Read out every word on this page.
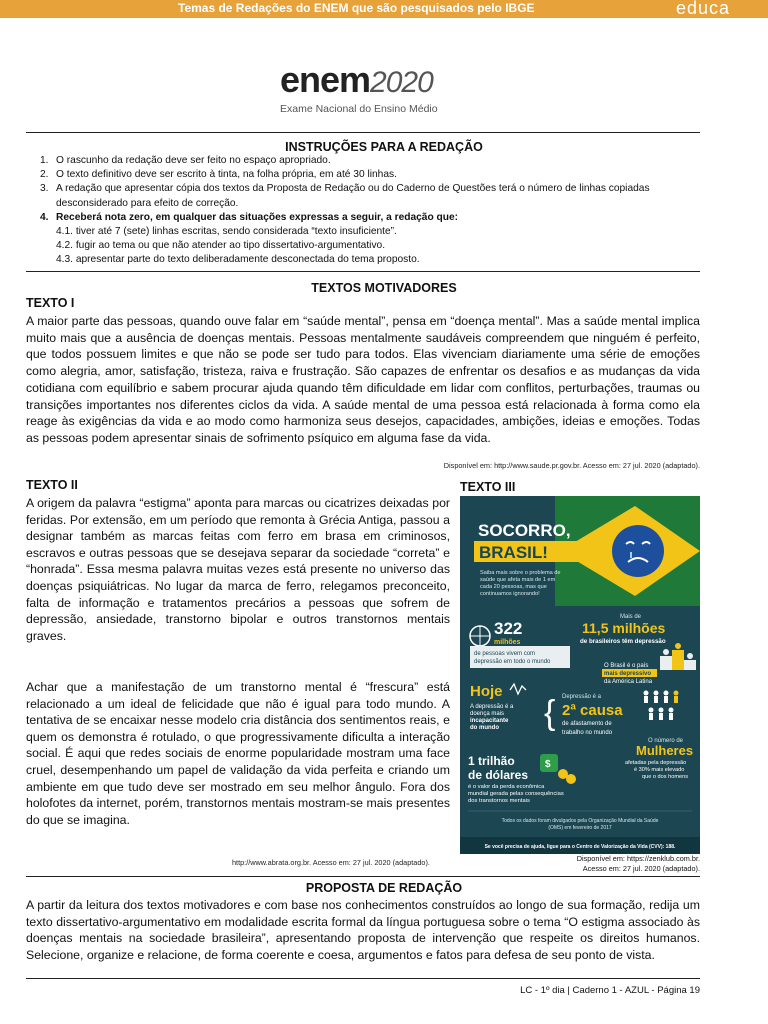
Temas de Redações do ENEM que são pesquisados pelo IBGE	educa
enem2020
Exame Nacional do Ensino Médio
INSTRUÇÕES PARA A REDAÇÃO
1. O rascunho da redação deve ser feito no espaço apropriado.
2. O texto definitivo deve ser escrito à tinta, na folha própria, em até 30 linhas.
3. A redação que apresentar cópia dos textos da Proposta de Redação ou do Caderno de Questões terá o número de linhas copiadas
desconsiderado para efeito de correção.
4. Receberá nota zero, em qualquer das situações expressas a seguir, a redação que:
4.1. tiver até 7 (sete) linhas escritas, sendo considerada “texto insuficiente”.
4.2. fugir ao tema ou que não atender ao tipo dissertativo-argumentativo.
4.3. apresentar parte do texto deliberadamente desconectada do tema proposto.
TEXTOS MOTIVADORES
TEXTO I
A maior parte das pessoas, quando ouve falar em “saúde mental”, pensa em “doença mental”. Mas a saúde mental implica muito mais que a ausência de doenças mentais. Pessoas mentalmente saudáveis compreendem que ninguém é perfeito, que todos possuem limites e que não se pode ser tudo para todos. Elas vivenciam diariamente uma série de emoções como alegria, amor, satisfação, tristeza, raiva e frustração. São capazes de enfrentar os desafios e as mudanças da vida cotidiana com equilíbrio e sabem procurar ajuda quando têm dificuldade em lidar com conflitos, perturbações, traumas ou transições importantes nos diferentes ciclos da vida. A saúde mental de uma pessoa está relacionada à forma como ela reage às exigências da vida e ao modo como harmoniza seus desejos, capacidades, ambições, ideias e emoções. Todas as pessoas podem apresentar sinais de sofrimento psíquico em alguma fase da vida.
Disponível em: http://www.saude.pr.gov.br. Acesso em: 27 jul. 2020 (adaptado).
TEXTO II	TEXTO III
A origem da palavra “estigma” aponta para marcas ou cicatrizes deixadas por feridas. Por extensão, em um período que remonta à Grécia Antiga, passou a designar também as marcas feitas com ferro em brasa em criminosos, escravos e outras pessoas que se desejava separar da sociedade “correta” e “honrada”. Essa mesma palavra muitas vezes está presente no universo das doenças psiquiátricas. No lugar da marca de ferro, relegamos preconceito, falta de informação e tratamentos precários a pessoas que sofrem de depressão, ansiedade, transtorno bipolar e outros transtornos mentais graves.
Achar que a manifestação de um transtorno mental é “frescura” está relacionado a um ideal de felicidade que não é igual para todo mundo. A tentativa de se encaixar nesse modelo cria distância dos sentimentos reais, e quem os demonstra é rotulado, o que progressivamente dificulta a interação social. É aqui que redes sociais de enorme popularidade mostram uma face cruel, desempenhando um papel de validação da vida perfeita e criando um ambiente em que tudo deve ser mostrado em seu melhor ângulo. Fora dos holofotes da internet, porém, transtornos mentais mostram-se mais presentes do que se imagina.
http://www.abrata.org.br. Acesso em: 27 jul. 2020 (adaptado).
SOCORRO,
BRASIL!
Saiba mais sobre o problema de
saúde que afeta mais de 1 em
cada 20 pessoas, mas que
continuamos ignorando!
322
milhões
de pessoas vivem com
depressão em todo o mundo
Mais de
11,5 milhões
de brasileiros têm depressão
O Brasil é o país
mais depressivo
da América Latina
Hoje
A depressão é a
doença mais
incapacitante
do mundo { Depressão é a
2ª causa
de afastamento de
trabalho no mundo
O número de
Mulheres
afetadas pela depressão
é 30% mais elevado
que o dos homens
1 trilhão
de dólares
$
é o valor da perda econômica
mundial gerada pelas consequências
dos transtornos mentais
Todos os dados foram divulgados pela Organização Mundial da Saúde
(OMS) em fevereiro de 2017
Se você precisa de ajuda, ligue para o Centro de Valorização da Vida (CVV): 188.
Disponível em: https://zenklub.com.br.
Acesso em: 27 jul. 2020 (adaptado).
PROPOSTA DE REDAÇÃO
A partir da leitura dos textos motivadores e com base nos conhecimentos construídos ao longo de sua formação, redija um texto dissertativo-argumentativo em modalidade escrita formal da língua portuguesa sobre o tema “O estigma associado às doenças mentais na sociedade brasileira”, apresentando proposta de intervenção que respeite os direitos humanos. Selecione, organize e relacione, de forma coerente e coesa, argumentos e fatos para defesa de seu ponto de vista.
LC - 1º dia | Caderno 1 - AZUL - Página 19
